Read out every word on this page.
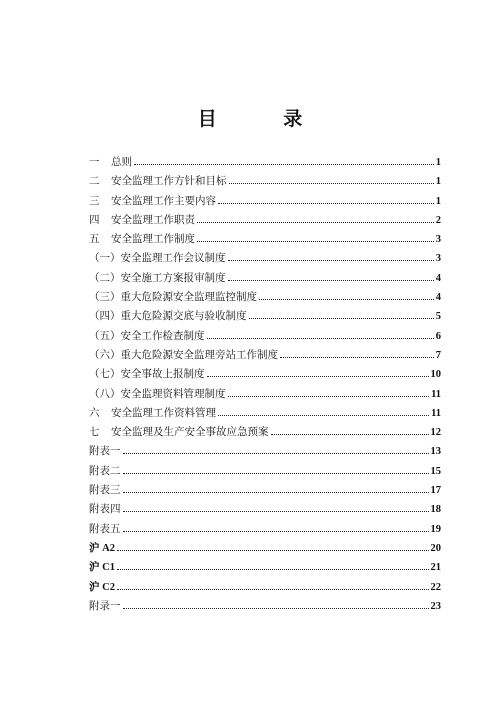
目 录
一 总则	1
二 安全监理工作方针和目标	1
三 安全监理工作主要内容	1
四 安全监理工作职责	2
五 安全监理工作制度	3
（一）安全监理工作会议制度	3
（二）安全施工方案报审制度	4
（三）重大危险源安全监理监控制度	4
（四）重大危险源交底与验收制度	5
（五）安全工作检查制度	6
（六）重大危险源安全监理旁站工作制度	7
（七）安全事故上报制度	10
（八）安全监理资料管理制度	11
六 安全监理工作资料管理	11
七 安全监理及生产安全事故应急预案	12
附表一	13
附表二	15
附表三	17
附表四	18
附表五	19
沪 A2	20
沪 C1	21
沪 C2	22
附录一	23
